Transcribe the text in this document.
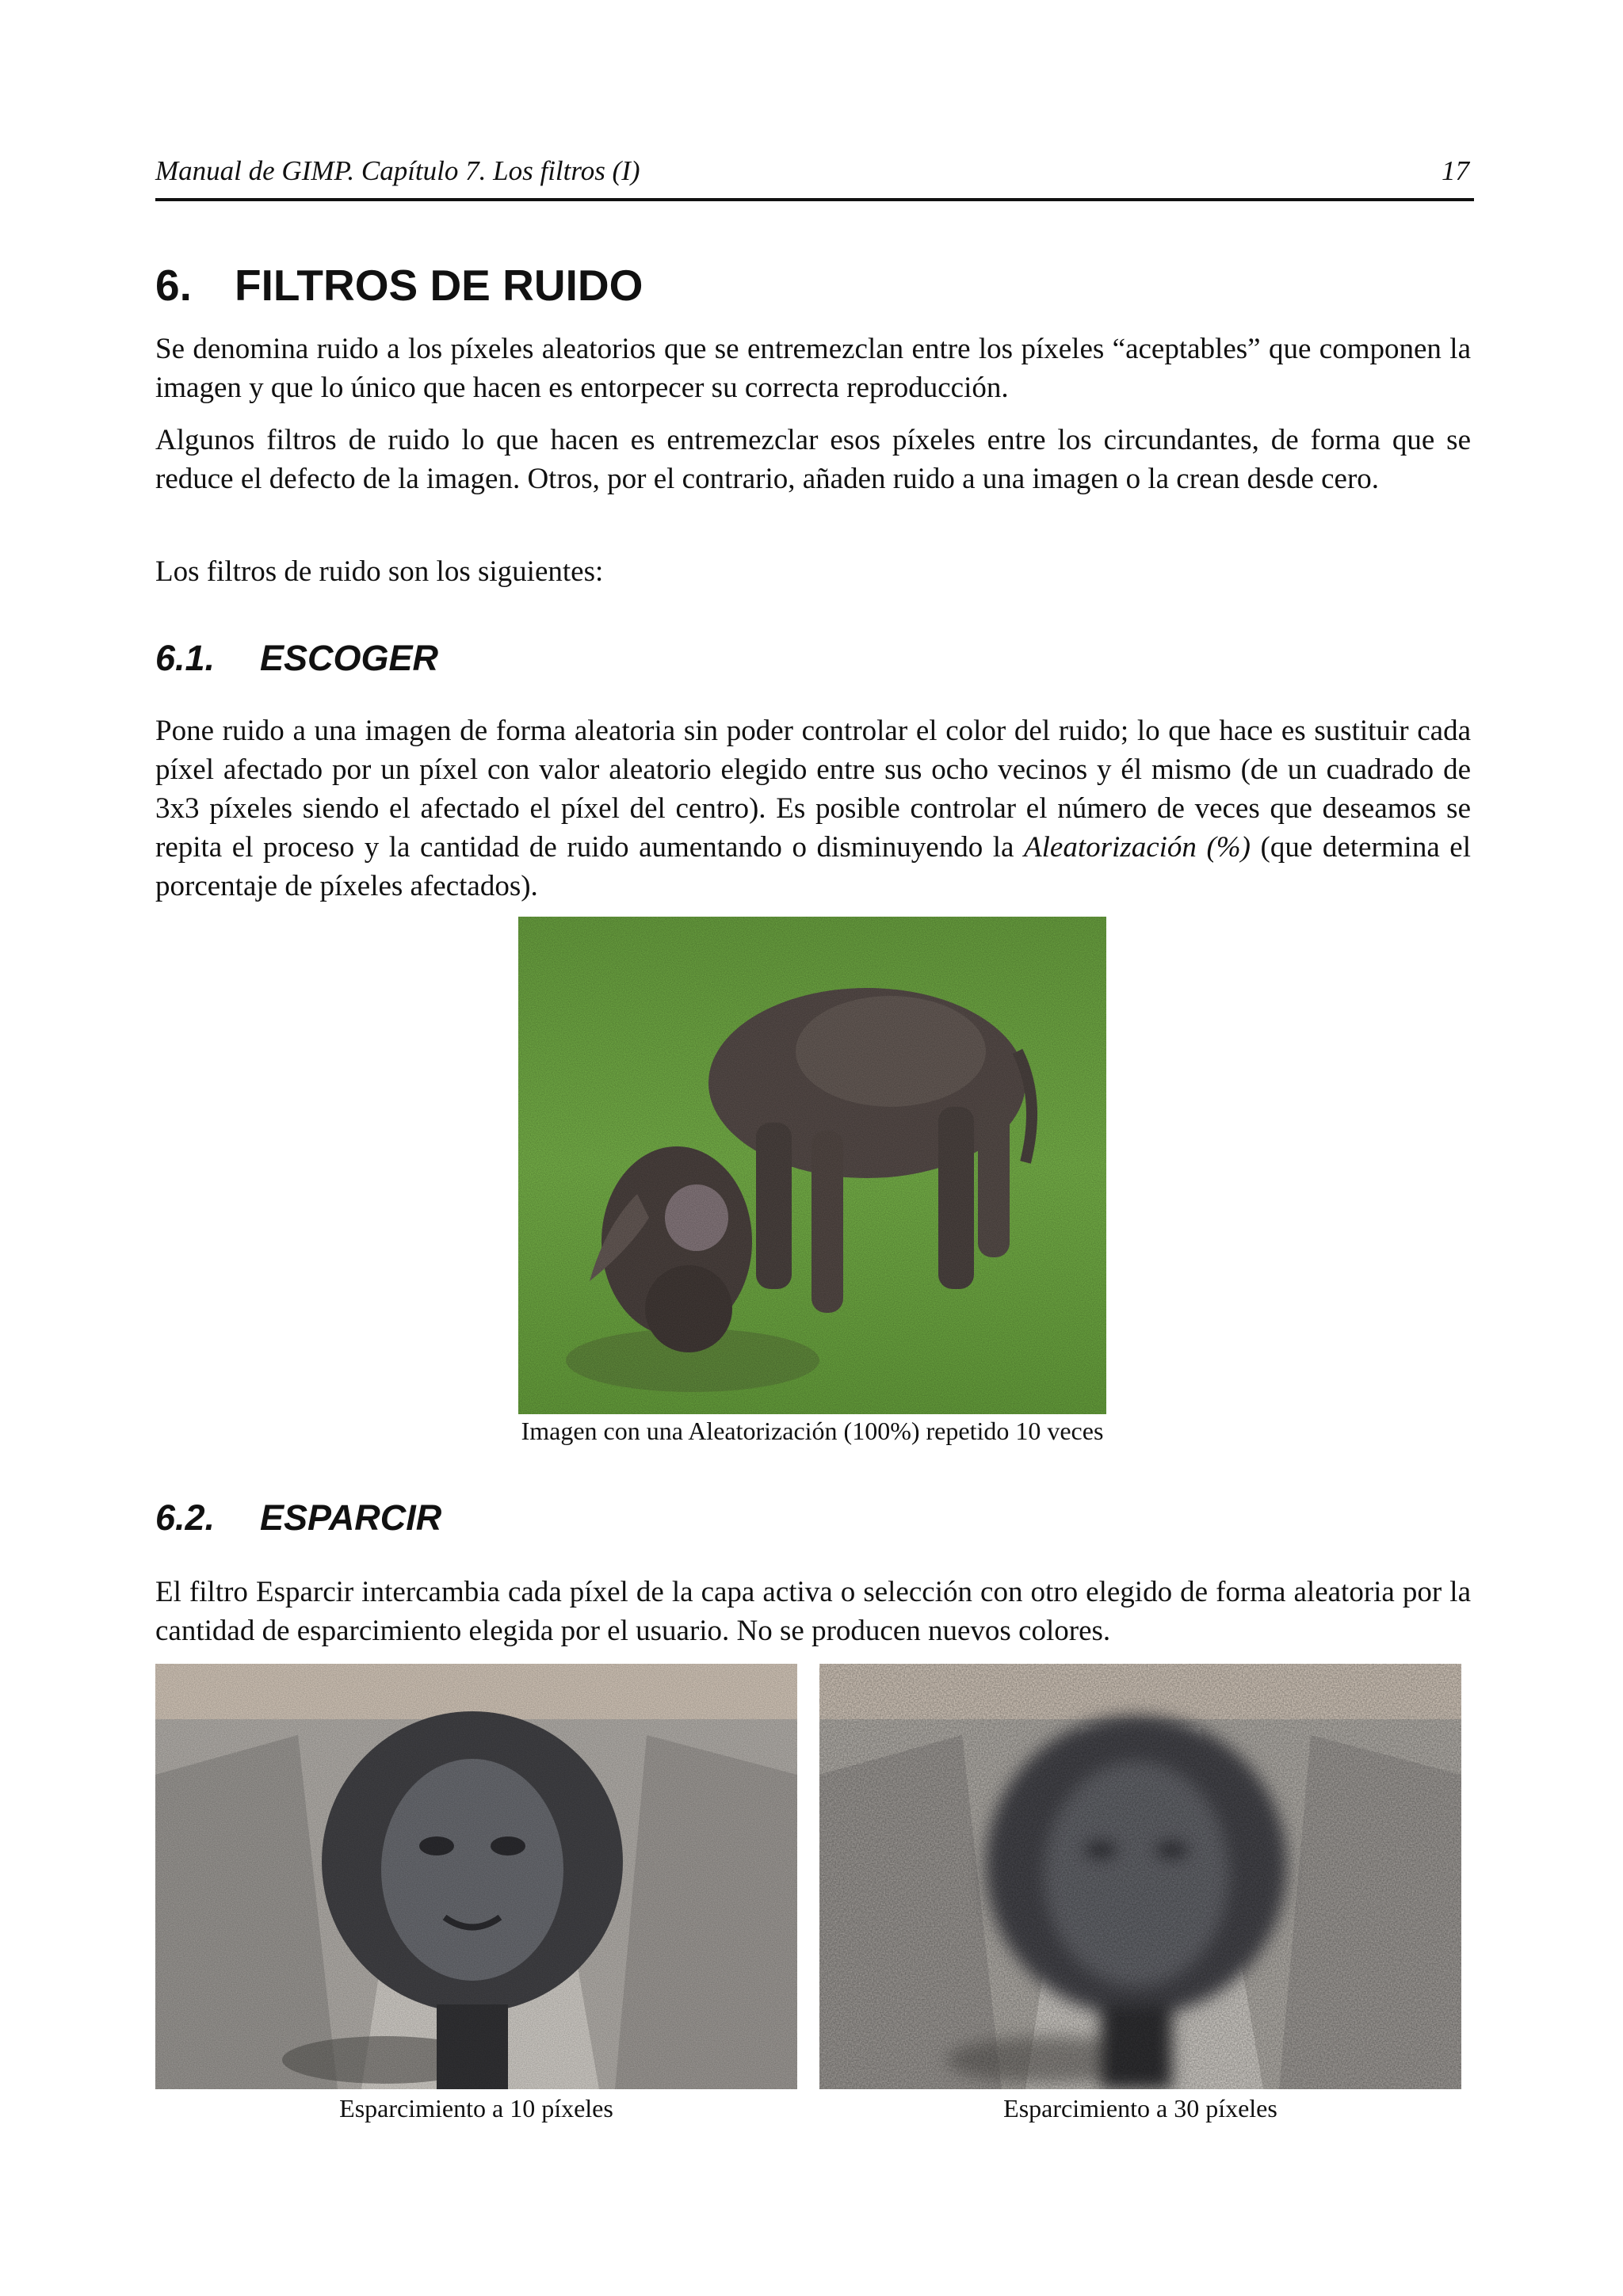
Manual de GIMP. Capítulo 7. Los filtros (I)	17
6. FILTROS DE RUIDO
Se denomina ruido a los píxeles aleatorios que se entremezclan entre los píxeles “aceptables” que componen la imagen y que lo único que hacen es entorpecer su correcta reproducción.
Algunos filtros de ruido lo que hacen es entremezclar esos píxeles entre los circundantes, de forma que se reduce el defecto de la imagen. Otros, por el contrario, añaden ruido a una imagen o la crean desde cero.
Los filtros de ruido son los siguientes:
6.1. ESCOGER
Pone ruido a una imagen de forma aleatoria sin poder controlar el color del ruido; lo que hace es sustituir cada píxel afectado por un píxel con valor aleatorio elegido entre sus ocho vecinos y él mismo (de un cuadrado de 3x3 píxeles siendo el afectado el píxel del centro). Es posible controlar el número de veces que deseamos se repita el proceso y la cantidad de ruido aumentando o disminuyendo la Aleatorización (%) (que determina el porcentaje de píxeles afectados).
Imagen con una Aleatorización (100%) repetido 10 veces
6.2. ESPARCIR
El filtro Esparcir intercambia cada píxel de la capa activa o selección con otro elegido de forma aleatoria por la cantidad de esparcimiento elegida por el usuario. No se producen nuevos colores.
Esparcimiento a 10 píxeles	Esparcimiento a 30 píxeles
